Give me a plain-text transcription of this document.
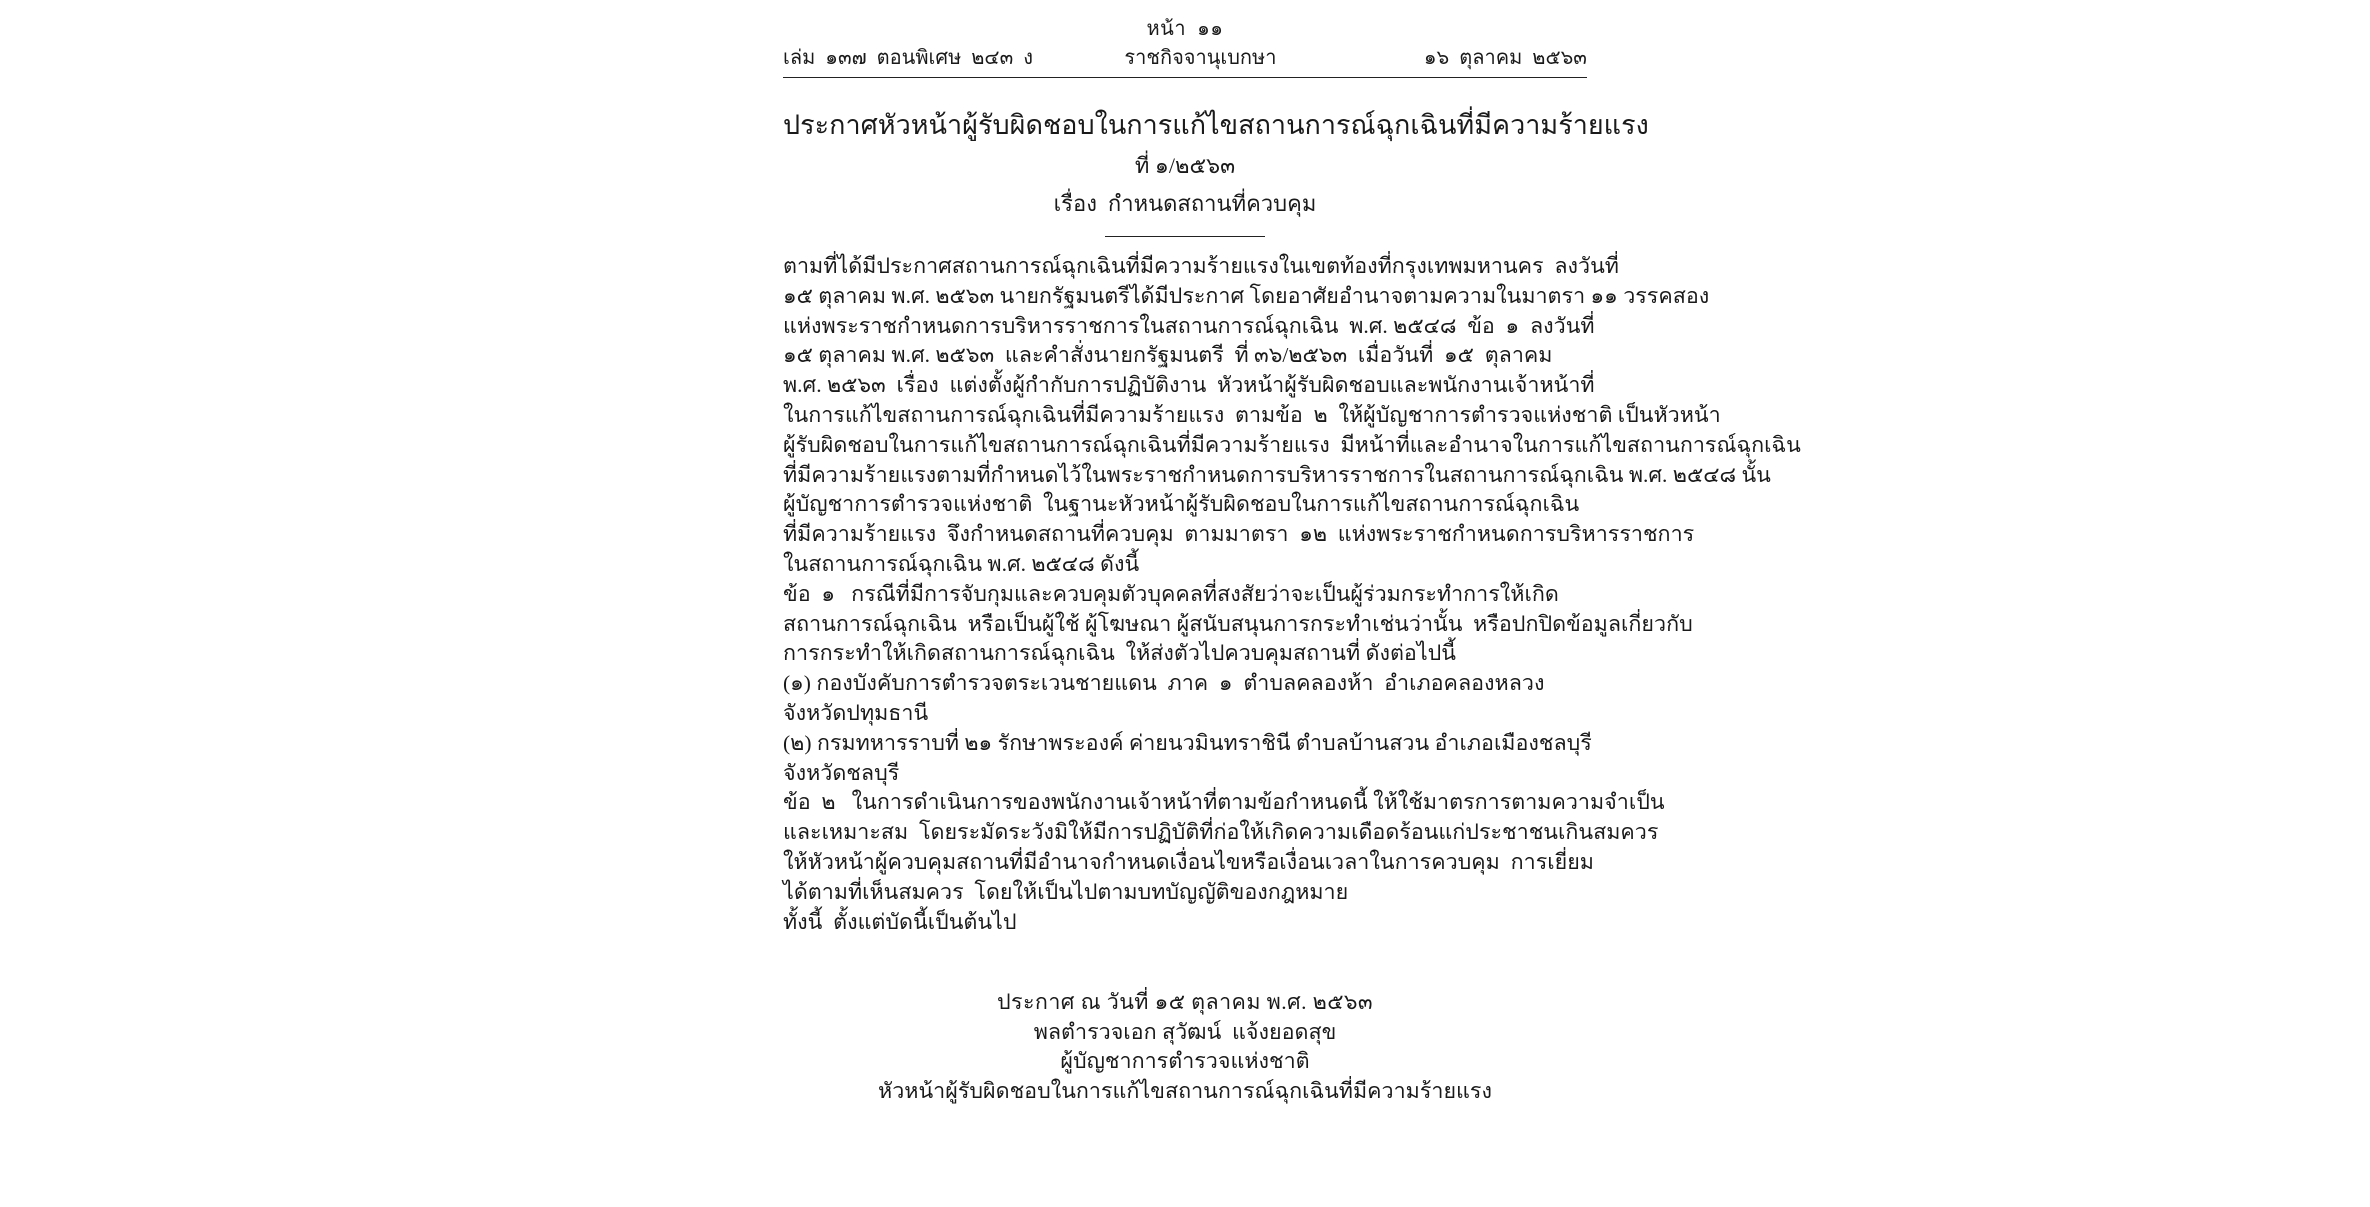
หน้า  ๑๑
เล่ม  ๑๓๗  ตอนพิเศษ  ๒๔๓  ง	ราชกิจจานุเบกษา	๑๖  ตุลาคม  ๒๕๖๓
ประกาศหัวหน้าผู้รับผิดชอบในการแก้ไขสถานการณ์ฉุกเฉินที่มีความร้ายแรง
ที่ ๑/๒๕๖๓
เรื่อง  กำหนดสถานที่ควบคุม

ตามที่ได้มีประกาศสถานการณ์ฉุกเฉินที่มีความร้ายแรงในเขตท้องที่กรุงเทพมหานคร  ลงวันที่
๑๕ ตุลาคม พ.ศ. ๒๕๖๓ นายกรัฐมนตรีได้มีประกาศ โดยอาศัยอำนาจตามความในมาตรา ๑๑ วรรคสอง
แห่งพระราชกำหนดการบริหารราชการในสถานการณ์ฉุกเฉิน  พ.ศ. ๒๕๔๘  ข้อ  ๑  ลงวันที่
๑๕ ตุลาคม พ.ศ. ๒๕๖๓  และคำสั่งนายกรัฐมนตรี  ที่ ๓๖/๒๕๖๓  เมื่อวันที่  ๑๕  ตุลาคม
พ.ศ. ๒๕๖๓  เรื่อง  แต่งตั้งผู้กำกับการปฏิบัติงาน  หัวหน้าผู้รับผิดชอบและพนักงานเจ้าหน้าที่
ในการแก้ไขสถานการณ์ฉุกเฉินที่มีความร้ายแรง  ตามข้อ  ๒  ให้ผู้บัญชาการตำรวจแห่งชาติ เป็นหัวหน้า
ผู้รับผิดชอบในการแก้ไขสถานการณ์ฉุกเฉินที่มีความร้ายแรง  มีหน้าที่และอำนาจในการแก้ไขสถานการณ์ฉุกเฉิน
ที่มีความร้ายแรงตามที่กำหนดไว้ในพระราชกำหนดการบริหารราชการในสถานการณ์ฉุกเฉิน พ.ศ. ๒๕๔๘ นั้น

ผู้บัญชาการตำรวจแห่งชาติ  ในฐานะหัวหน้าผู้รับผิดชอบในการแก้ไขสถานการณ์ฉุกเฉิน
ที่มีความร้ายแรง  จึงกำหนดสถานที่ควบคุม  ตามมาตรา  ๑๒  แห่งพระราชกำหนดการบริหารราชการ
ในสถานการณ์ฉุกเฉิน พ.ศ. ๒๕๔๘ ดังนี้

ข้อ  ๑   กรณีที่มีการจับกุมและควบคุมตัวบุคคลที่สงสัยว่าจะเป็นผู้ร่วมกระทำการให้เกิด
สถานการณ์ฉุกเฉิน  หรือเป็นผู้ใช้ ผู้โฆษณา ผู้สนับสนุนการกระทำเช่นว่านั้น  หรือปกปิดข้อมูลเกี่ยวกับ
การกระทำให้เกิดสถานการณ์ฉุกเฉิน  ให้ส่งตัวไปควบคุมสถานที่ ดังต่อไปนี้

(๑) กองบังคับการตำรวจตระเวนชายแดน  ภาค  ๑  ตำบลคลองห้า  อำเภอคลองหลวง
จังหวัดปทุมธานี

(๒) กรมทหารราบที่ ๒๑ รักษาพระองค์ ค่ายนวมินทราชินี ตำบลบ้านสวน อำเภอเมืองชลบุรี
จังหวัดชลบุรี

ข้อ  ๒   ในการดำเนินการของพนักงานเจ้าหน้าที่ตามข้อกำหนดนี้ ให้ใช้มาตรการตามความจำเป็น
และเหมาะสม  โดยระมัดระวังมิให้มีการปฏิบัติที่ก่อให้เกิดความเดือดร้อนแก่ประชาชนเกินสมควร

ให้หัวหน้าผู้ควบคุมสถานที่มีอำนาจกำหนดเงื่อนไขหรือเงื่อนเวลาในการควบคุม  การเยี่ยม
ได้ตามที่เห็นสมควร  โดยให้เป็นไปตามบทบัญญัติของกฎหมาย

ทั้งนี้  ตั้งแต่บัดนี้เป็นต้นไป

ประกาศ ณ วันที่ ๑๕ ตุลาคม พ.ศ. ๒๕๖๓
พลตำรวจเอก สุวัฒน์  แจ้งยอดสุข
ผู้บัญชาการตำรวจแห่งชาติ
หัวหน้าผู้รับผิดชอบในการแก้ไขสถานการณ์ฉุกเฉินที่มีความร้ายแรง
